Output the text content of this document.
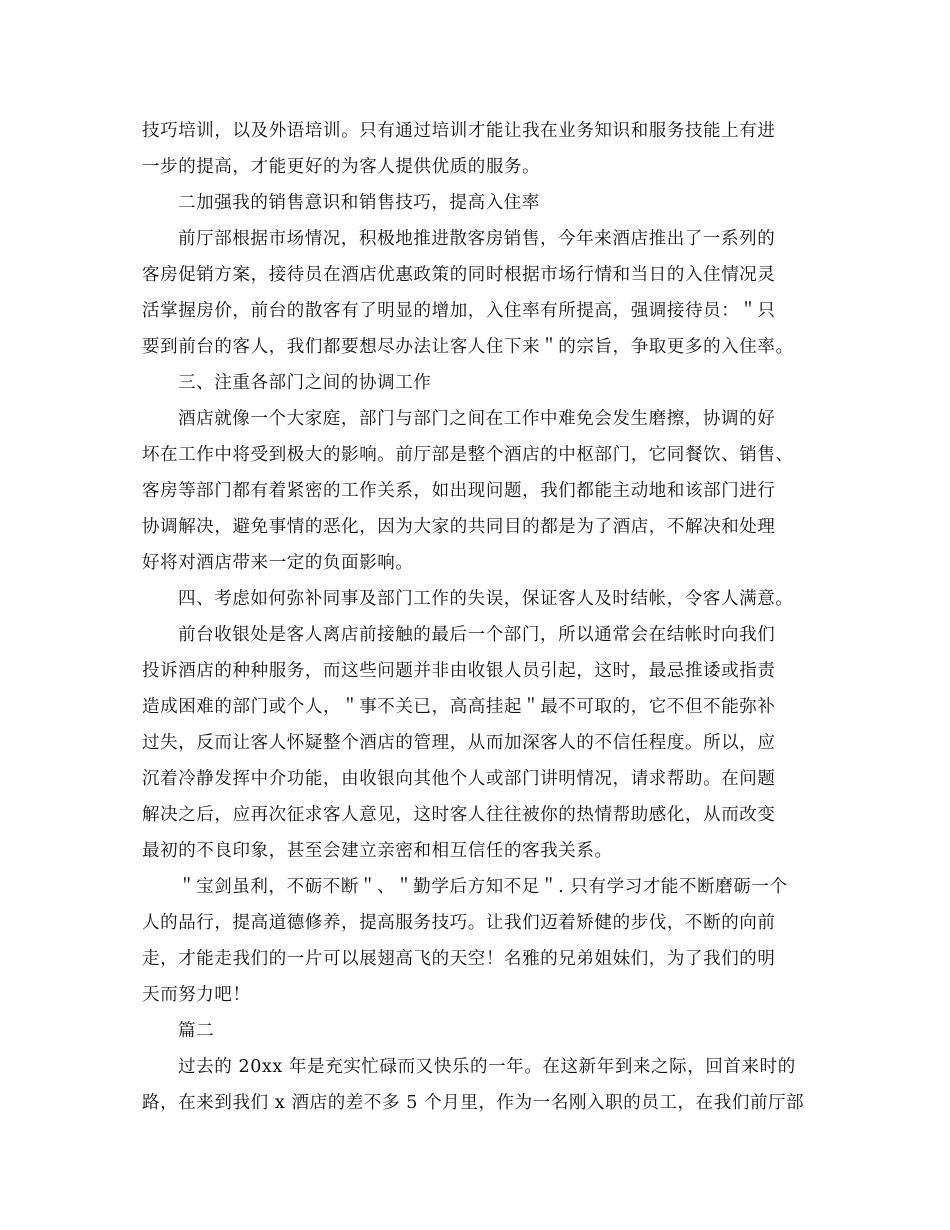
技巧培训，以及外语培训。只有通过培训才能让我在业务知识和服务技能上有进

一步的提高，才能更好的为客人提供优质的服务。

二加强我的销售意识和销售技巧，提高入住率

前厅部根据市场情况，积极地推进散客房销售，今年来酒店推出了一系列的

客房促销方案，接待员在酒店优惠政策的同时根据市场行情和当日的入住情况灵

活掌握房价，前台的散客有了明显的增加，入住率有所提高，强调接待员：＂只

要到前台的客人，我们都要想尽办法让客人住下来＂的宗旨，争取更多的入住率。

三、注重各部门之间的协调工作

酒店就像一个大家庭，部门与部门之间在工作中难免会发生磨擦，协调的好

坏在工作中将受到极大的影响。前厅部是整个酒店的中枢部门，它同餐饮、销售、

客房等部门都有着紧密的工作关系，如出现问题，我们都能主动地和该部门进行

协调解决，避免事情的恶化，因为大家的共同目的都是为了酒店，不解决和处理

好将对酒店带来一定的负面影响。

四、考虑如何弥补同事及部门工作的失误，保证客人及时结帐，令客人满意。

前台收银处是客人离店前接触的最后一个部门，所以通常会在结帐时向我们

投诉酒店的种种服务，而这些问题并非由收银人员引起，这时，最忌推诿或指责

造成困难的部门或个人，＂事不关已，高高挂起＂最不可取的，它不但不能弥补

过失，反而让客人怀疑整个酒店的管理，从而加深客人的不信任程度。所以，应

沉着冷静发挥中介功能，由收银向其他个人或部门讲明情况，请求帮助。在问题

解决之后，应再次征求客人意见，这时客人往往被你的热情帮助感化，从而改变

最初的不良印象，甚至会建立亲密和相互信任的客我关系。

＂宝剑虽利，不砺不断＂、＂勤学后方知不足＂. 只有学习才能不断磨砺一个

人的品行，提高道德修养，提高服务技巧。让我们迈着矫健的步伐，不断的向前

走，才能走我们的一片可以展翅高飞的天空！名雅的兄弟姐妹们，为了我们的明

天而努力吧！

篇二

过去的 20xx 年是充实忙碌而又快乐的一年。在这新年到来之际，回首来时的

路，在来到我们 x 酒店的差不多 5 个月里，作为一名刚入职的员工，在我们前厅部
